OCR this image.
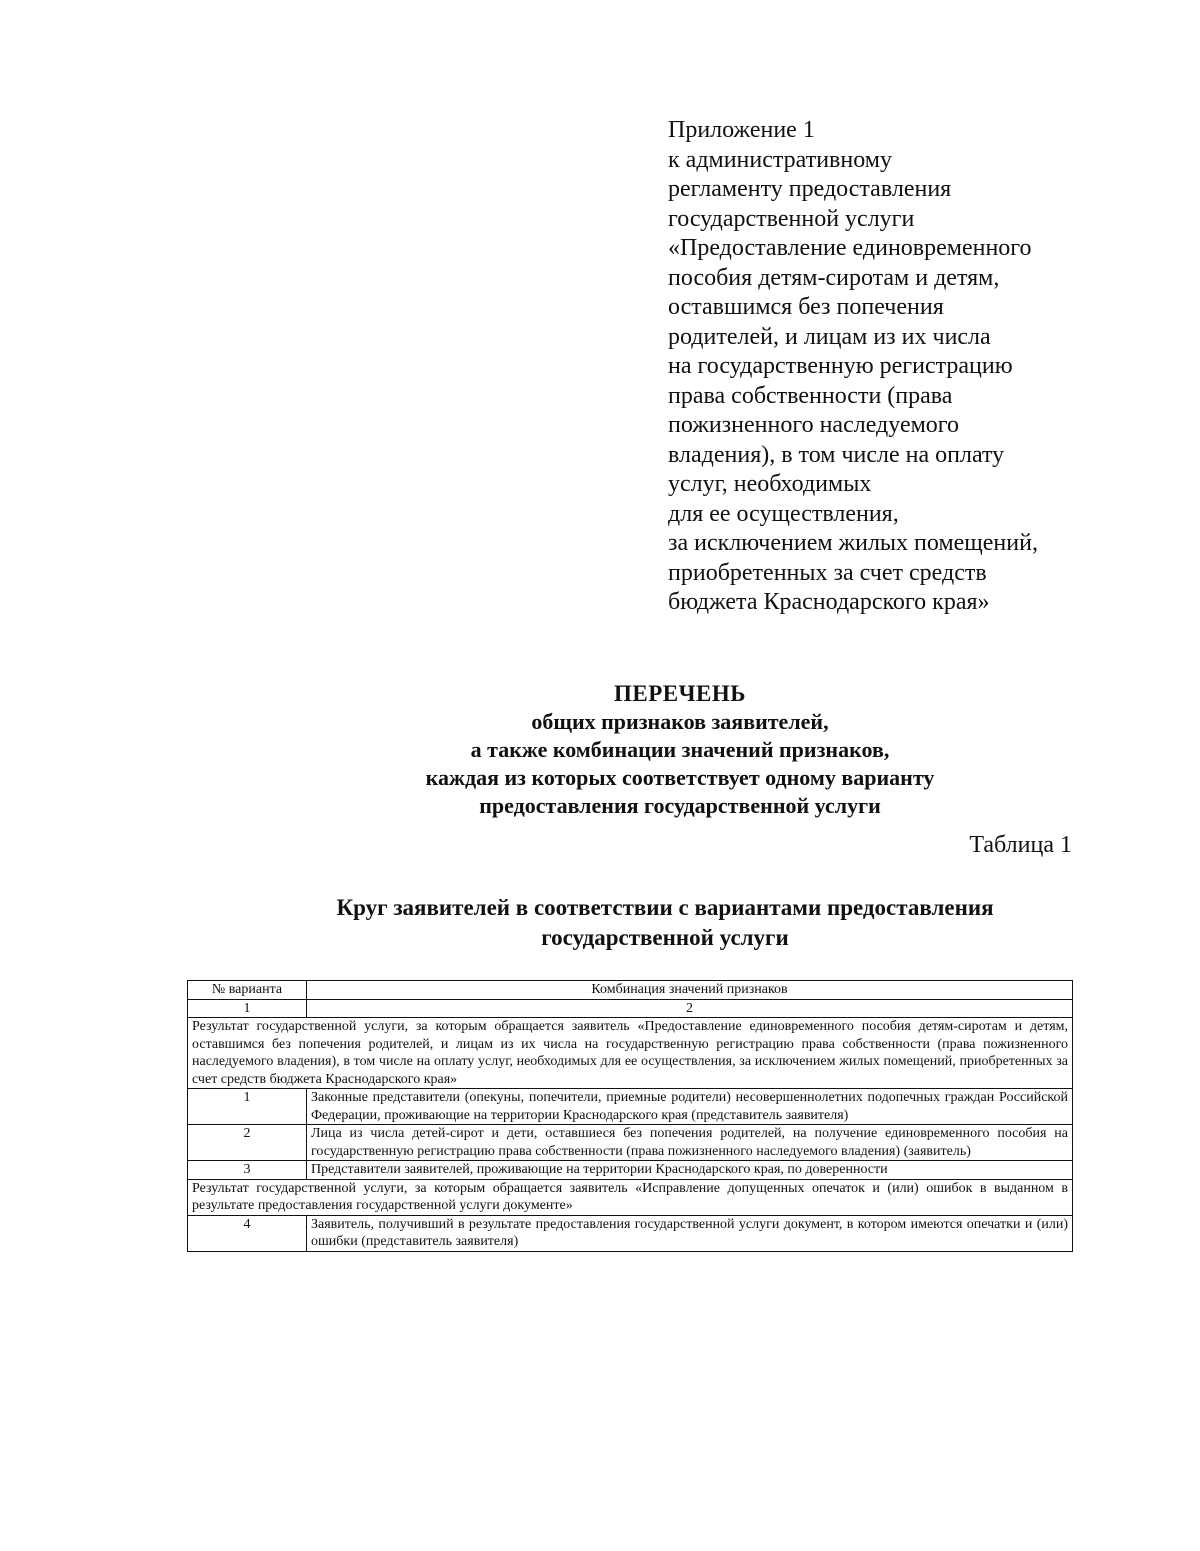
Приложение 1
к административному
регламенту предоставления
государственной услуги
«Предоставление единовременного
пособия детям-сиротам и детям,
оставшимся без попечения
родителей, и лицам из их числа
на государственную регистрацию
права собственности (права
пожизненного наследуемого
владения), в том числе на оплату
услуг, необходимых
для ее осуществления,
за исключением жилых помещений,
приобретенных за счет средств
бюджета Краснодарского края»
ПЕРЕЧЕНЬ
общих признаков заявителей,
а также комбинации значений признаков,
каждая из которых соответствует одному варианту
предоставления государственной услуги
Таблица 1
Круг заявителей в соответствии с вариантами предоставления
государственной услуги
№ варианта	Комбинация значений признаков
1	2
Результат государственной услуги, за которым обращается заявитель «Предоставление единовременного пособия детям-сиротам и детям, оставшимся без попечения родителей, и лицам из их числа на государственную регистрацию права собственности (права пожизненного наследуемого владения), в том числе на оплату услуг, необходимых для ее осуществления, за исключением жилых помещений, приобретенных за счет средств бюджета Краснодарского края»	
1	Законные представители (опекуны, попечители, приемные родители) несовершеннолетних подопечных граждан Российской Федерации, проживающие на территории Краснодарского края (представитель заявителя)
2	Лица из числа детей-сирот и дети, оставшиеся без попечения родителей, на получение единовременного пособия на государственную регистрацию права собственности (права пожизненного наследуемого владения) (заявитель)
3	Представители заявителей, проживающие на территории Краснодарского края, по доверенности
Результат государственной услуги, за которым обращается заявитель «Исправление допущенных опечаток и (или) ошибок в выданном в результате предоставления государственной услуги документе»	
4	Заявитель, получивший в результате предоставления государственной услуги документ, в котором имеются опечатки и (или) ошибки (представитель заявителя)
